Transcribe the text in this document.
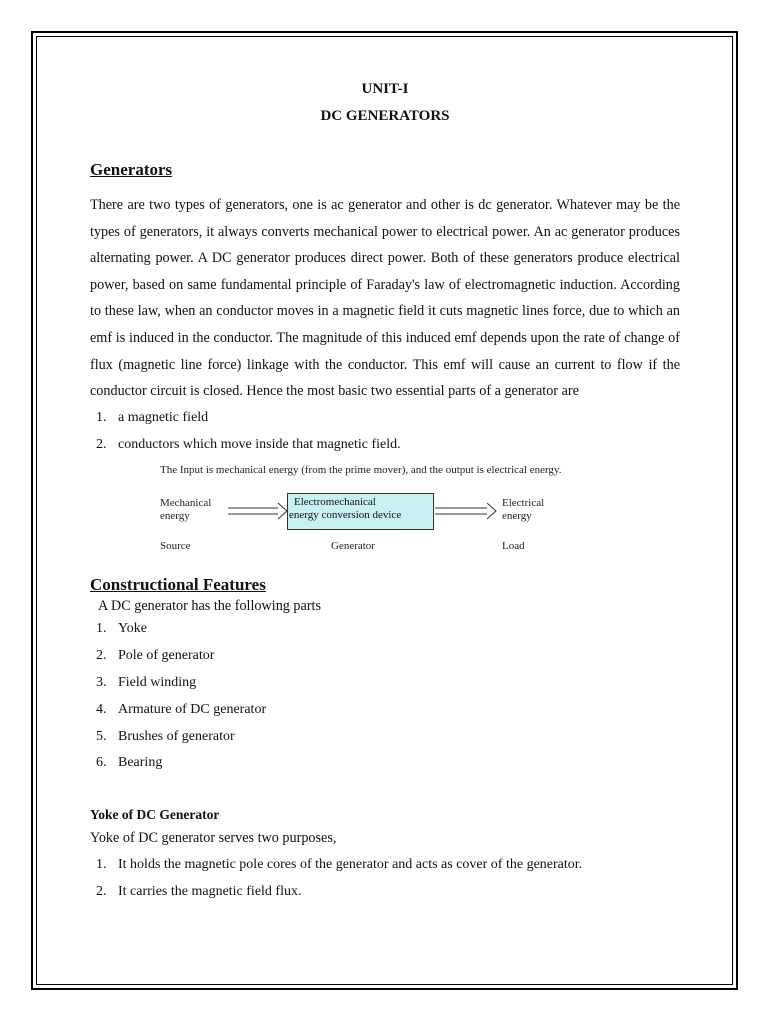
UNIT-I
DC GENERATORS
Generators

There are two types of generators, one is ac generator and other is dc generator. Whatever may be the types of generators, it always converts mechanical power to electrical power. An ac generator produces alternating power. A DC generator produces direct power. Both of these generators produce electrical power, based on same fundamental principle of Faraday's law of electromagnetic induction. According to these law, when an conductor moves in a magnetic field it cuts magnetic lines force, due to which an emf is induced in the conductor. The magnitude of this induced emf depends upon the rate of change of flux (magnetic line force) linkage with the conductor. This emf will cause an current to flow if the conductor circuit is closed. Hence the most basic two essential parts of a generator are

1. a magnetic field
2. conductors which move inside that magnetic field.
The Input is mechanical energy (from the prime mover), and the output is electrical energy.
Mechanical
energy
Electromechanical
energy conversion device
Electrical
energy
Source	Generator	Load
Constructional Features

A DC generator has the following parts

1. Yoke
2. Pole of generator
3. Field winding
4. Armature of DC generator
5. Brushes of generator
6. Bearing
Yoke of DC Generator

Yoke of DC generator serves two purposes,

1. It holds the magnetic pole cores of the generator and acts as cover of the generator.
2. It carries the magnetic field flux.
